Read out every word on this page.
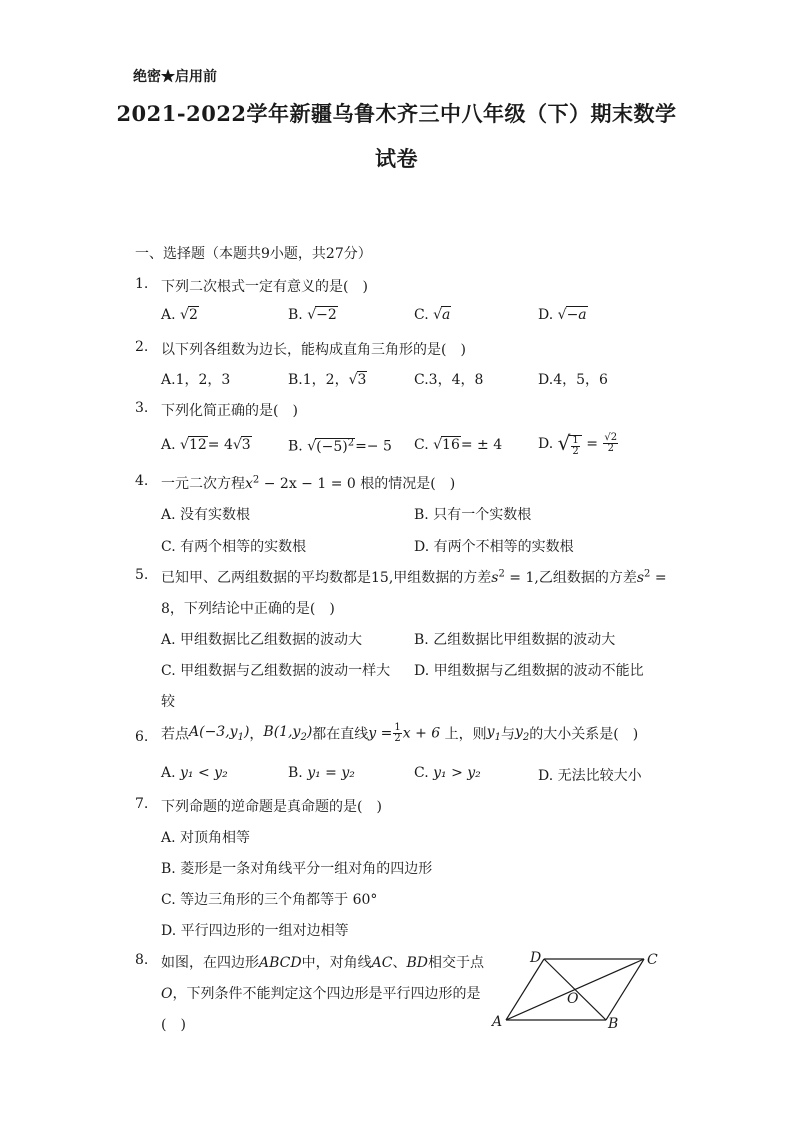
绝密★启用前
2021-2022学年新疆乌鲁木齐三中八年级（下）期末数学
试卷
一、选择题（本题共9小题，共27分）
1. 下列二次根式一定有意义的是(　)
A. √2	B. √−2	C. √a	D. √−a
2. 以下列各组数为边长，能构成直角三角形的是(　)
A.1，2，3	B.1，2，√3	C.3，4，8	D.4，5，6
3. 下列化简正确的是(　)
A. √12= 4√3	B. $√(-5)^2=- 5$ C. √16= ± 4	D. √ $\frac{1}{2} = \frac{√2}{2}$
4. 一元二次方程$x^2 - 2x - 1 = 0$ 根的情况是(　)
A. 没有实数根	B. 只有一个实数根
C. 有两个相等的实数根	D. 有两个不相等的实数根
5. 已知甲、乙两组数据的平均数都是15,甲组数据的方差$s^2 = 1$,乙组数据的方差$s^2$ =
8，下列结论中正确的是(　)
A. 甲组数据比乙组数据的波动大	B. 乙组数据比甲组数据的波动大
C. 甲组数据与乙组数据的波动一样大 D. 甲组数据与乙组数据的波动不能比
较
6. 若点$A(-3,y_1)$，$B(1,y_2)$都在直线$y = \frac{1}{2}$ x + 6 上，则$y_1$与$y_2$的大小关系是(　)
A. y₁ < y₂	B. y₁ = y₂	C. y₁ > y₂	D. 无法比较大小
7. 下列命题的逆命题是真命题的是(　)
A. 对顶角相等
B. 菱形是一条对角线平分一组对角的四边形
C. 等边三角形的三个角都等于 60°
D. 平行四边形的一组对边相等
8. 如图，在四边形ABCD中，对角线AC、BD相交于点
O，下列条件不能判定这个四边形是平行四边形的是
(　)
D	C
A	B
O
